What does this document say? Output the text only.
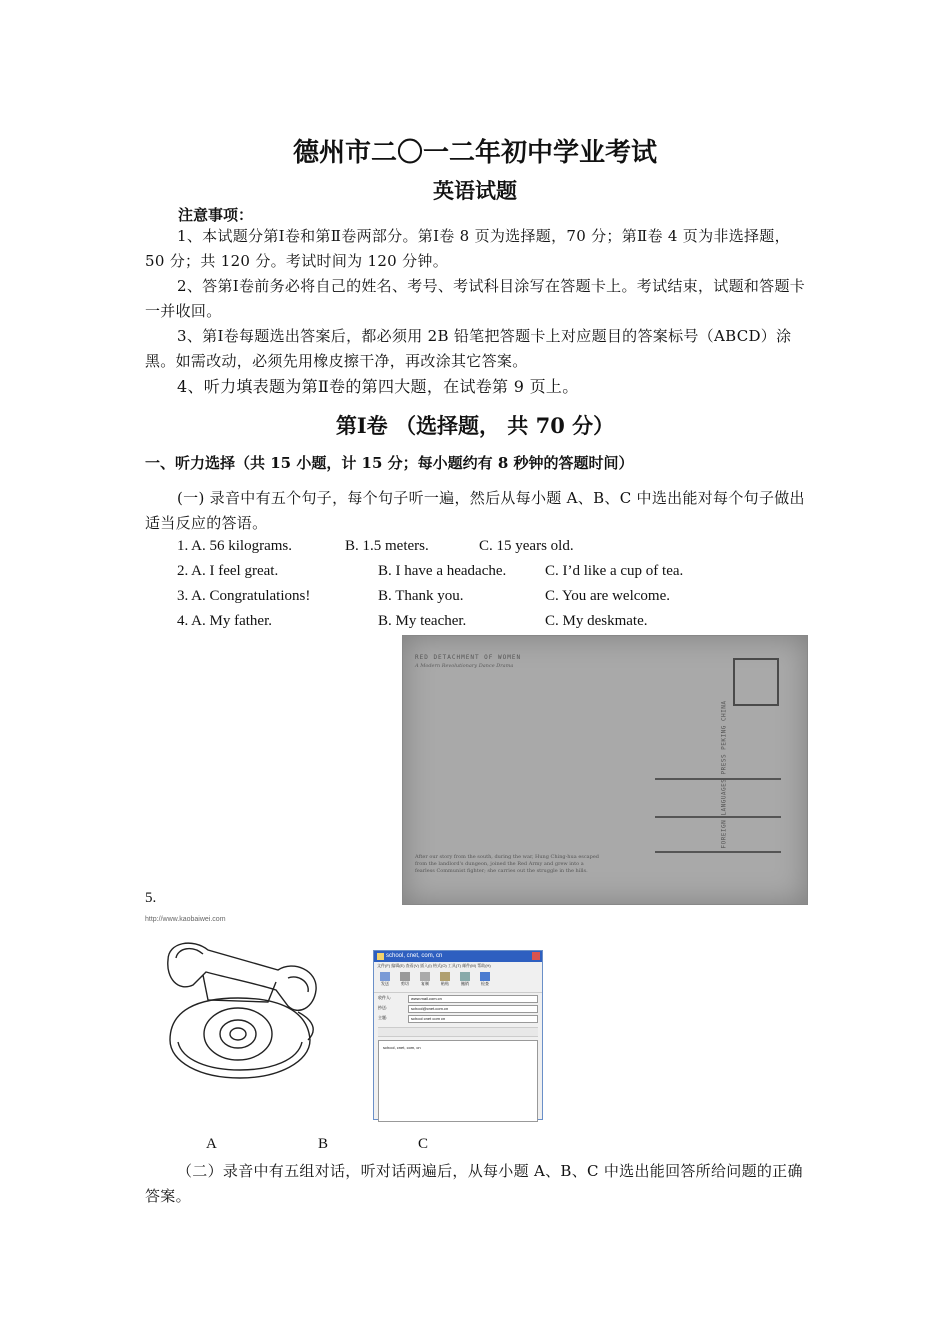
德州市二〇一二年初中学业考试
英语试题
注意事项：
1、本试题分第Ⅰ卷和第Ⅱ卷两部分。第Ⅰ卷 8 页为选择题，70 分；第Ⅱ卷 4 页为非选择题，50 分；共 120 分。考试时间为 120 分钟。
2、答第Ⅰ卷前务必将自己的姓名、考号、考试科目涂写在答题卡上。考试结束，试题和答题卡一并收回。
3、第Ⅰ卷每题选出答案后，都必须用 2B 铅笔把答题卡上对应题目的答案标号（ABCD）涂黑。如需改动，必须先用橡皮擦干净，再改涂其它答案。
4、听力填表题为第Ⅱ卷的第四大题，在试卷第 9 页上。
第Ⅰ卷 （选择题， 共 70 分）
一、听力选择（共 15 小题，计 15 分；每小题约有 8 秒钟的答题时间）
(一) 录音中有五个句子，每个句子听一遍，然后从每小题 A、B、C 中选出能对每个句子做出适当反应的答语。
1. A. 56 kilograms.	B. 1.5 meters.	C. 15 years old.
2. A. I feel great.	B. I have a headache.	C. I’d like a cup of tea.
3. A. Congratulations!	B. Thank you.	C. You are welcome.
4. A. My father.	B. My teacher.	C. My deskmate.
RED DETACHMENT OF WOMEN
A Modern Revolutionary Dance Drama
FOREIGN LANGUAGES PRESS PEKING CHINA
After our story from the south, during the war, Hung Ching-hua escaped from the landlord's dungeon, joined the Red Army and grew into a fearless Communist fighter; she carries out the struggle in the hills.
5.
http://www.kaobaiwei.com
school, cnet, com, cn
文件(F) 编辑(E) 查看(V) 插入(I) 格式(O) 工具(T) 邮件(M) 帮助(H)
发送	剪切	复制	粘贴	撤销	检查
收件人:	www.mail.com.cn
抄送:	school@cnet.com.cn
主题:	school cnet com cn
school, cnet, com, cn
A	B	C
（二）录音中有五组对话，听对话两遍后，从每小题 A、B、C 中选出能回答所给问题的正确答案。
